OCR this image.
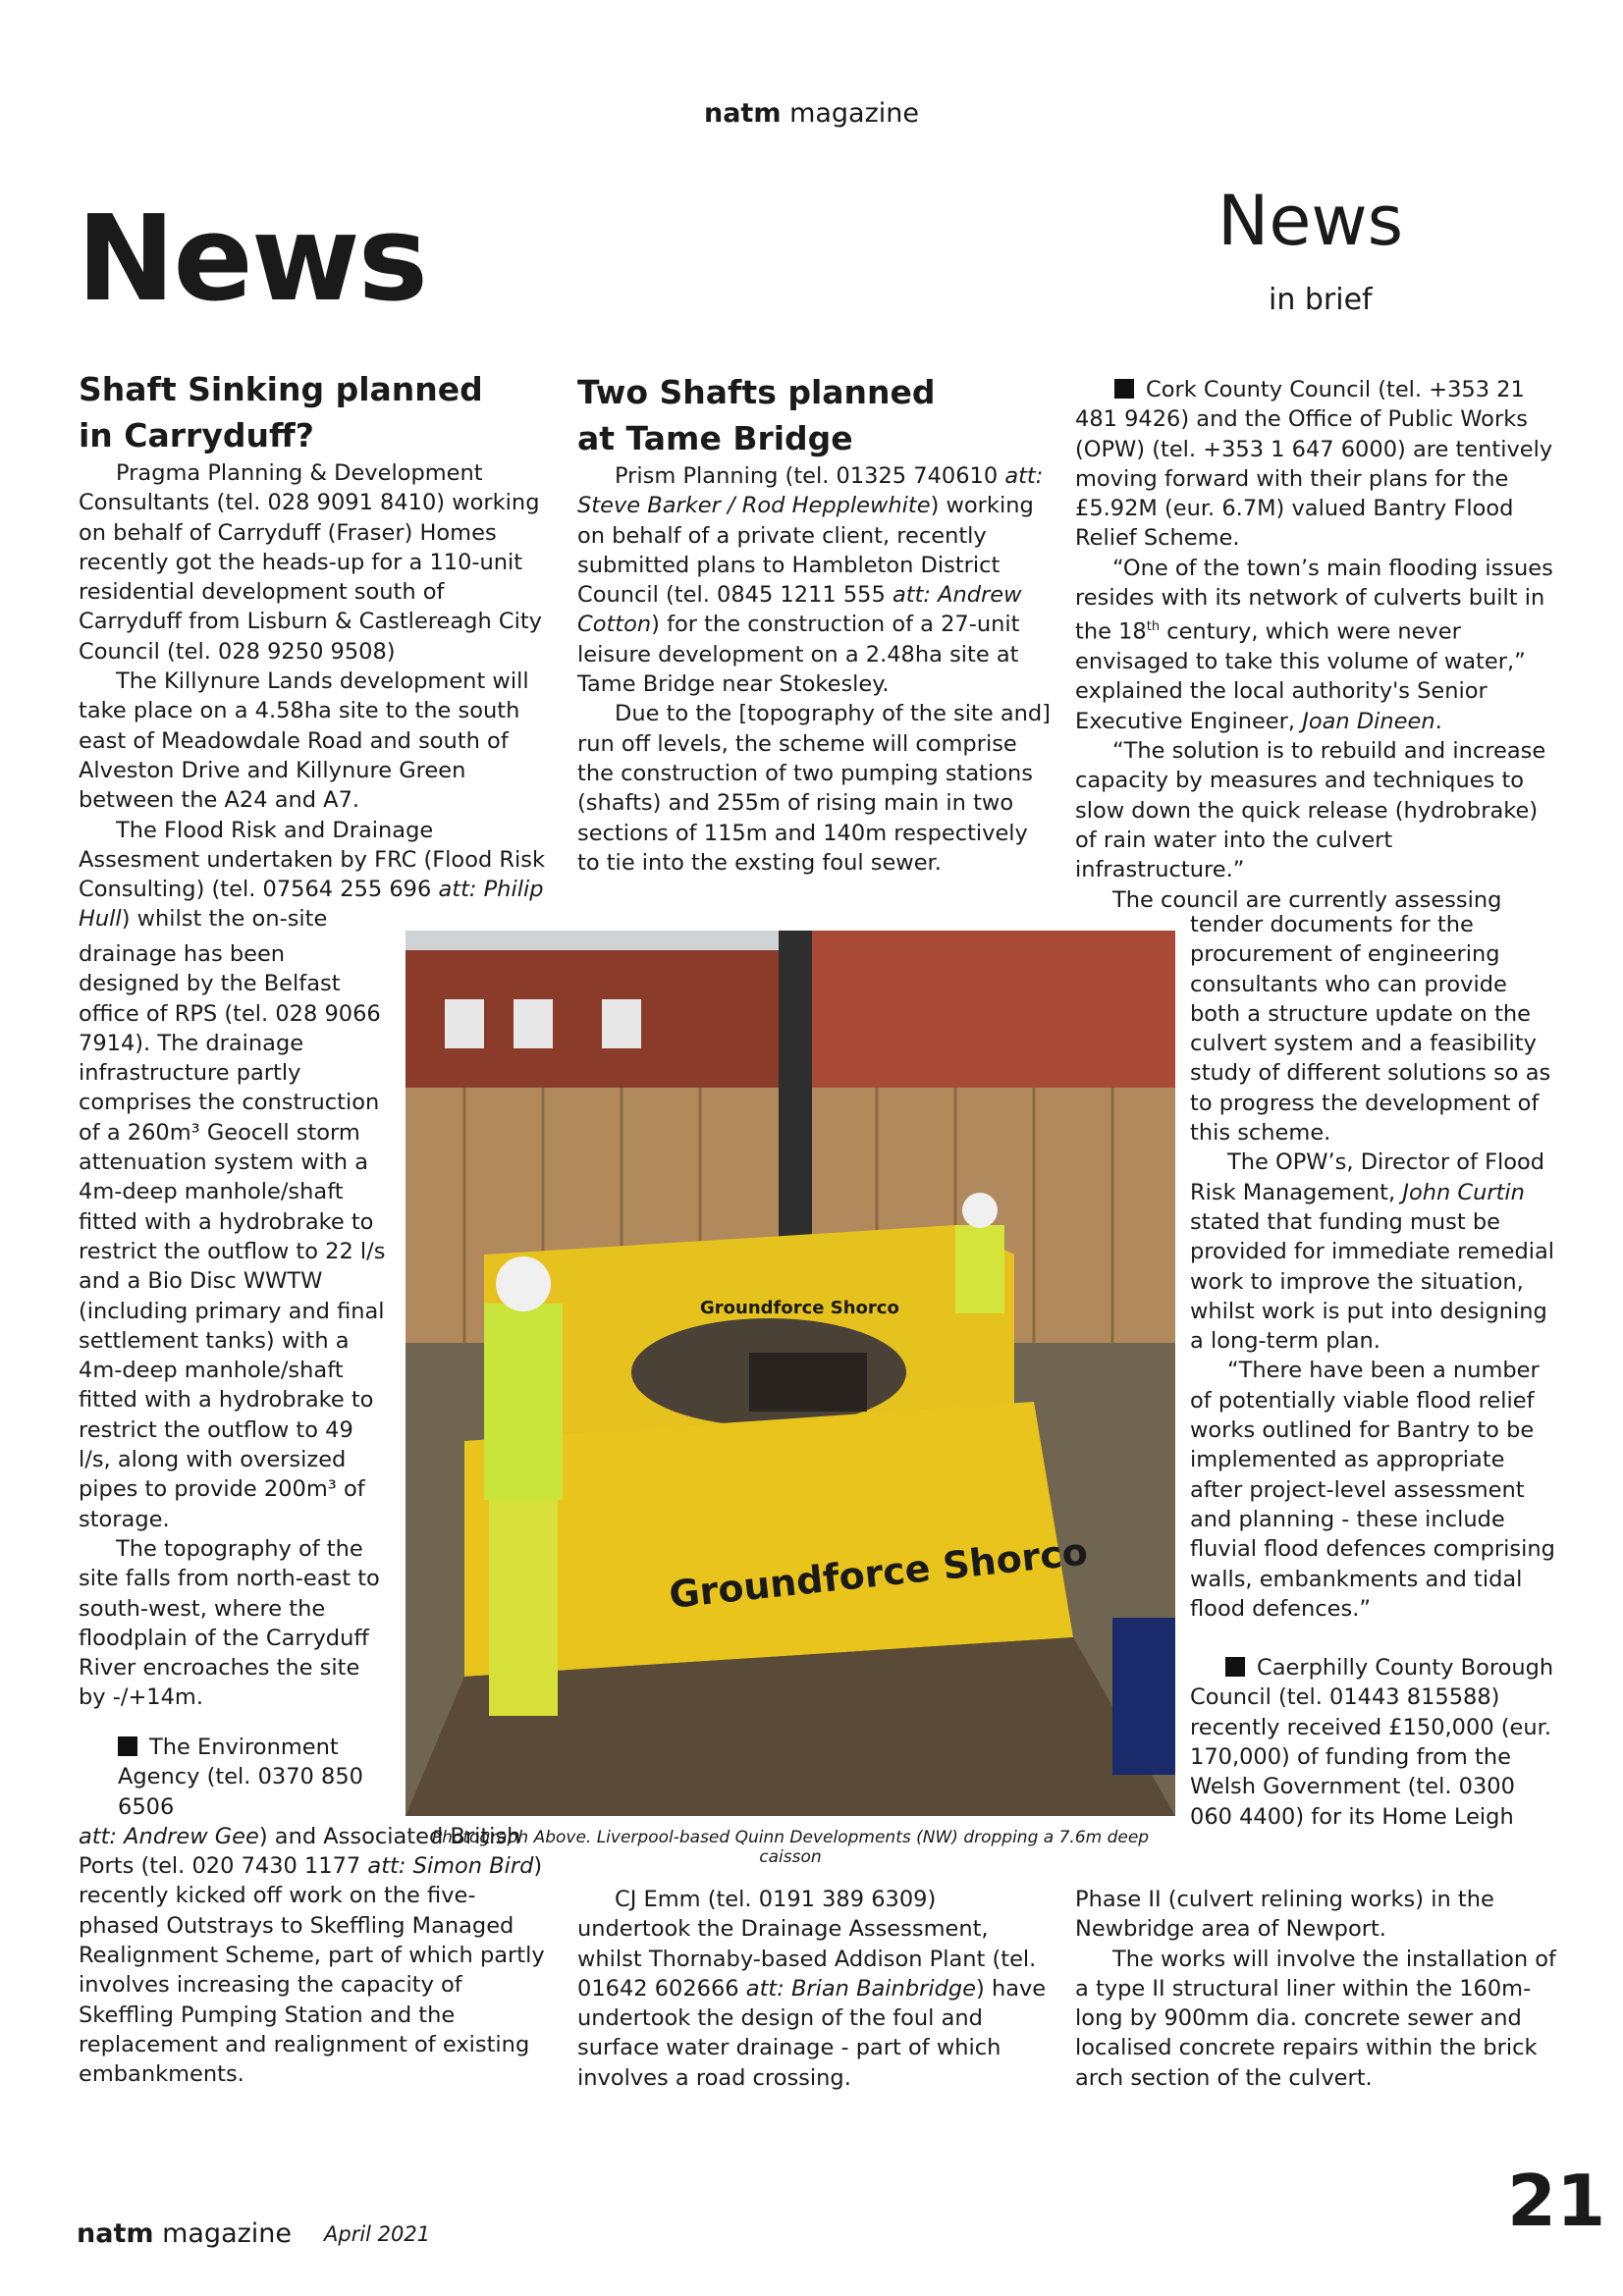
natm magazine
News	News
in brief

Shaft Sinking planned

in Carryduff?

Pragma Planning & Development Consultants (tel. 028 9091 8410) working on behalf of Carryduff (Fraser) Homes recently got the heads-up for a 110-unit residential development south of Carryduff from Lisburn & Castlereagh City Council (tel. 028 9250 9508)

The Killynure Lands development will take place on a 4.58ha site to the south east of Meadowdale Road and south of Alveston Drive and Killynure Green between the A24 and A7.

The Flood Risk and Drainage Assesment undertaken by FRC (Flood Risk Consulting) (tel. 07564 255 696 att: Philip Hull) whilst the on-site

drainage has been designed by the Belfast office of RPS (tel. 028 9066 7914). The drainage infrastructure partly comprises the construction of a 260m³ Geocell storm attenuation system with a 4m-deep manhole/shaft fitted with a hydrobrake to restrict the outflow to 22 l/s and a Bio Disc WWTW (including primary and final settlement tanks) with a 4m-deep manhole/shaft fitted with a hydrobrake to restrict the outflow to 49 l/s, along with oversized pipes to provide 200m³ of storage.

The topography of the site falls from north-east to south-west, where the floodplain of the Carryduff River encroaches the site by -/+14m.

The Environment Agency (tel. 0370 850 6506

att: Andrew Gee) and Associated British Ports (tel. 020 7430 1177 att: Simon Bird) recently kicked off work on the five-phased Outstrays to Skeffling Managed Realignment Scheme, part of which partly involves increasing the capacity of Skeffling Pumping Station and the replacement and realignment of existing embankments.

Two Shafts planned

at Tame Bridge

Prism Planning (tel. 01325 740610 att: Steve Barker / Rod Hepplewhite) working on behalf of a private client, recently submitted plans to Hambleton District Council (tel. 0845 1211 555 att: Andrew Cotton) for the construction of a 27-unit leisure development on a 2.48ha site at Tame Bridge near Stokesley.

Due to the [topography of the site and] run off levels, the scheme will comprise the construction of two pumping stations (shafts) and 255m of rising main in two sections of 115m and 140m respectively to tie into the exsting foul sewer.

CJ Emm (tel. 0191 389 6309) undertook the Drainage Assessment, whilst Thornaby-based Addison Plant (tel. 01642 602666 att: Brian Bainbridge) have undertook the design of the foul and surface water drainage - part of which involves a road crossing.

Cork County Council (tel. +353 21 481 9426) and the Office of Public Works (OPW) (tel. +353 1 647 6000) are tentively moving forward with their plans for the £5.92M (eur. 6.7M) valued Bantry Flood Relief Scheme.

“One of the town’s main flooding issues resides with its network of culverts built in the 18th century, which were never envisaged to take this volume of water,” explained the local authority's Senior Executive Engineer, Joan Dineen.

“The solution is to rebuild and increase capacity by measures and techniques to slow down the quick release (hydrobrake) of rain water into the culvert infrastructure.”

The council are currently assessing

tender documents for the procurement of engineering consultants who can provide both a structure update on the culvert system and a feasibility study of different solutions so as to progress the development of this scheme.

The OPW’s, Director of Flood Risk Management, John Curtin stated that funding must be provided for immediate remedial work to improve the situation, whilst work is put into designing a long-term plan.

“There have been a number of potentially viable flood relief works outlined for Bantry to be implemented as appropriate after project-level assessment and planning - these include fluvial flood defences comprising walls, embankments and tidal flood defences.”

Caerphilly County Borough Council (tel. 01443 815588) recently received £150,000 (eur. 170,000) of funding from the Welsh Government (tel. 0300 060 4400) for its Home Leigh

Phase II (culvert relining works) in the Newbridge area of Newport.

The works will involve the installation of a type II structural liner within the 160m-long by 900mm dia. concrete sewer and localised concrete repairs within the brick arch section of the culvert.

Groundforce Shorco
Groundforce Shorco
Photograph Above. Liverpool-based Quinn Developments (NW) dropping a 7.6m deep caisson
natm magazine April 2021	21
